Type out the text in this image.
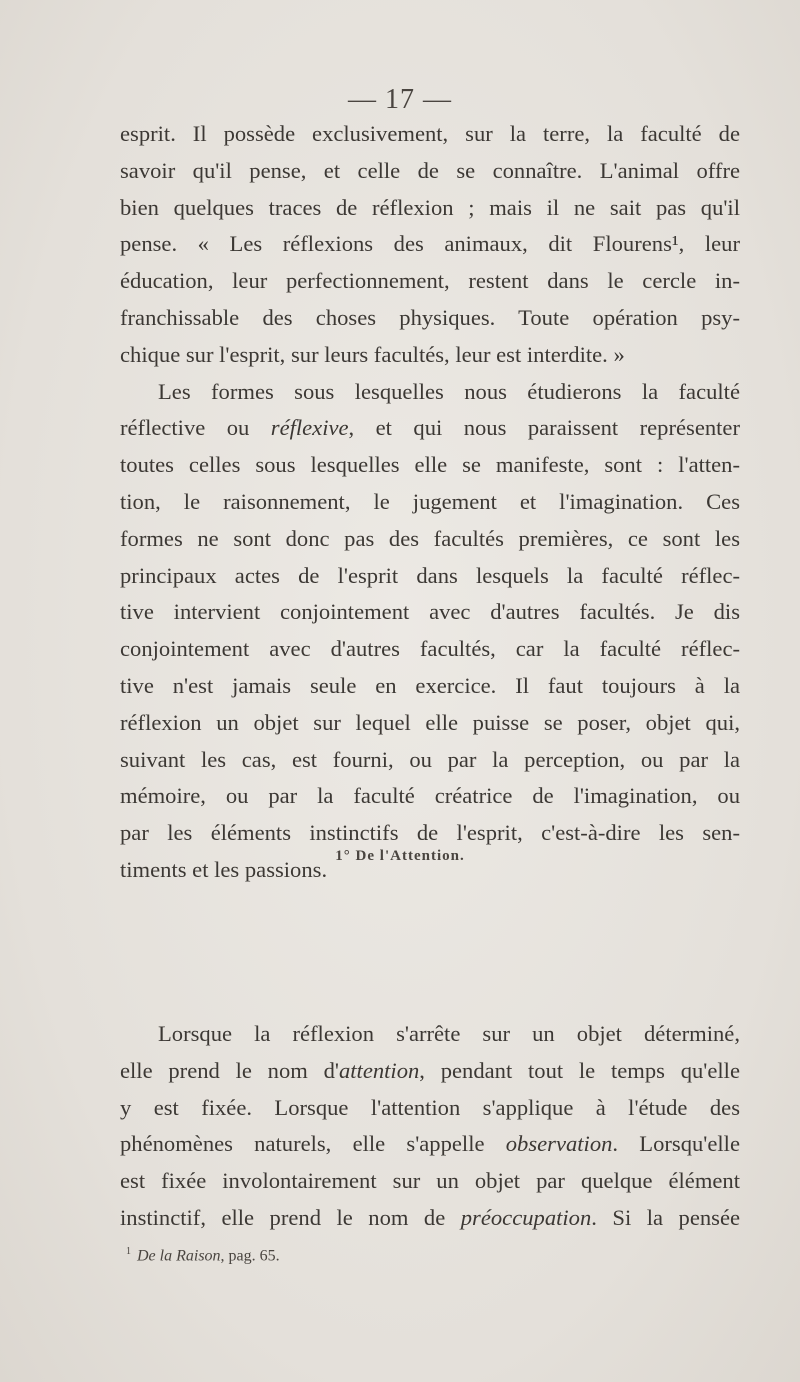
— 17 —
esprit. Il possède exclusivement, sur la terre, la faculté de
savoir qu'il pense, et celle de se connaître. L'animal offre
bien quelques traces de réflexion ; mais il ne sait pas qu'il
pense. « Les réflexions des animaux, dit Flourens¹, leur
éducation, leur perfectionnement, restent dans le cercle in-
franchissable des choses physiques. Toute opération psy-
chique sur l'esprit, sur leurs facultés, leur est interdite. »
Les formes sous lesquelles nous étudierons la faculté
réflective ou réflexive, et qui nous paraissent représenter
toutes celles sous lesquelles elle se manifeste, sont : l'atten-
tion, le raisonnement, le jugement et l'imagination. Ces
formes ne sont donc pas des facultés premières, ce sont les
principaux actes de l'esprit dans lesquels la faculté réflec-
tive intervient conjointement avec d'autres facultés. Je dis
conjointement avec d'autres facultés, car la faculté réflec-
tive n'est jamais seule en exercice. Il faut toujours à la
réflexion un objet sur lequel elle puisse se poser, objet qui,
suivant les cas, est fourni, ou par la perception, ou par la
mémoire, ou par la faculté créatrice de l'imagination, ou
par les éléments instinctifs de l'esprit, c'est-à-dire les sen-
timents et les passions.
1° De l'Attention.
Lorsque la réflexion s'arrête sur un objet déterminé,
elle prend le nom d'attention, pendant tout le temps qu'elle
y est fixée. Lorsque l'attention s'applique à l'étude des
phénomènes naturels, elle s'appelle observation. Lorsqu'elle
est fixée involontairement sur un objet par quelque élément
instinctif, elle prend le nom de préoccupation. Si la pensée
$^1$ De la Raison, pag. 65.
